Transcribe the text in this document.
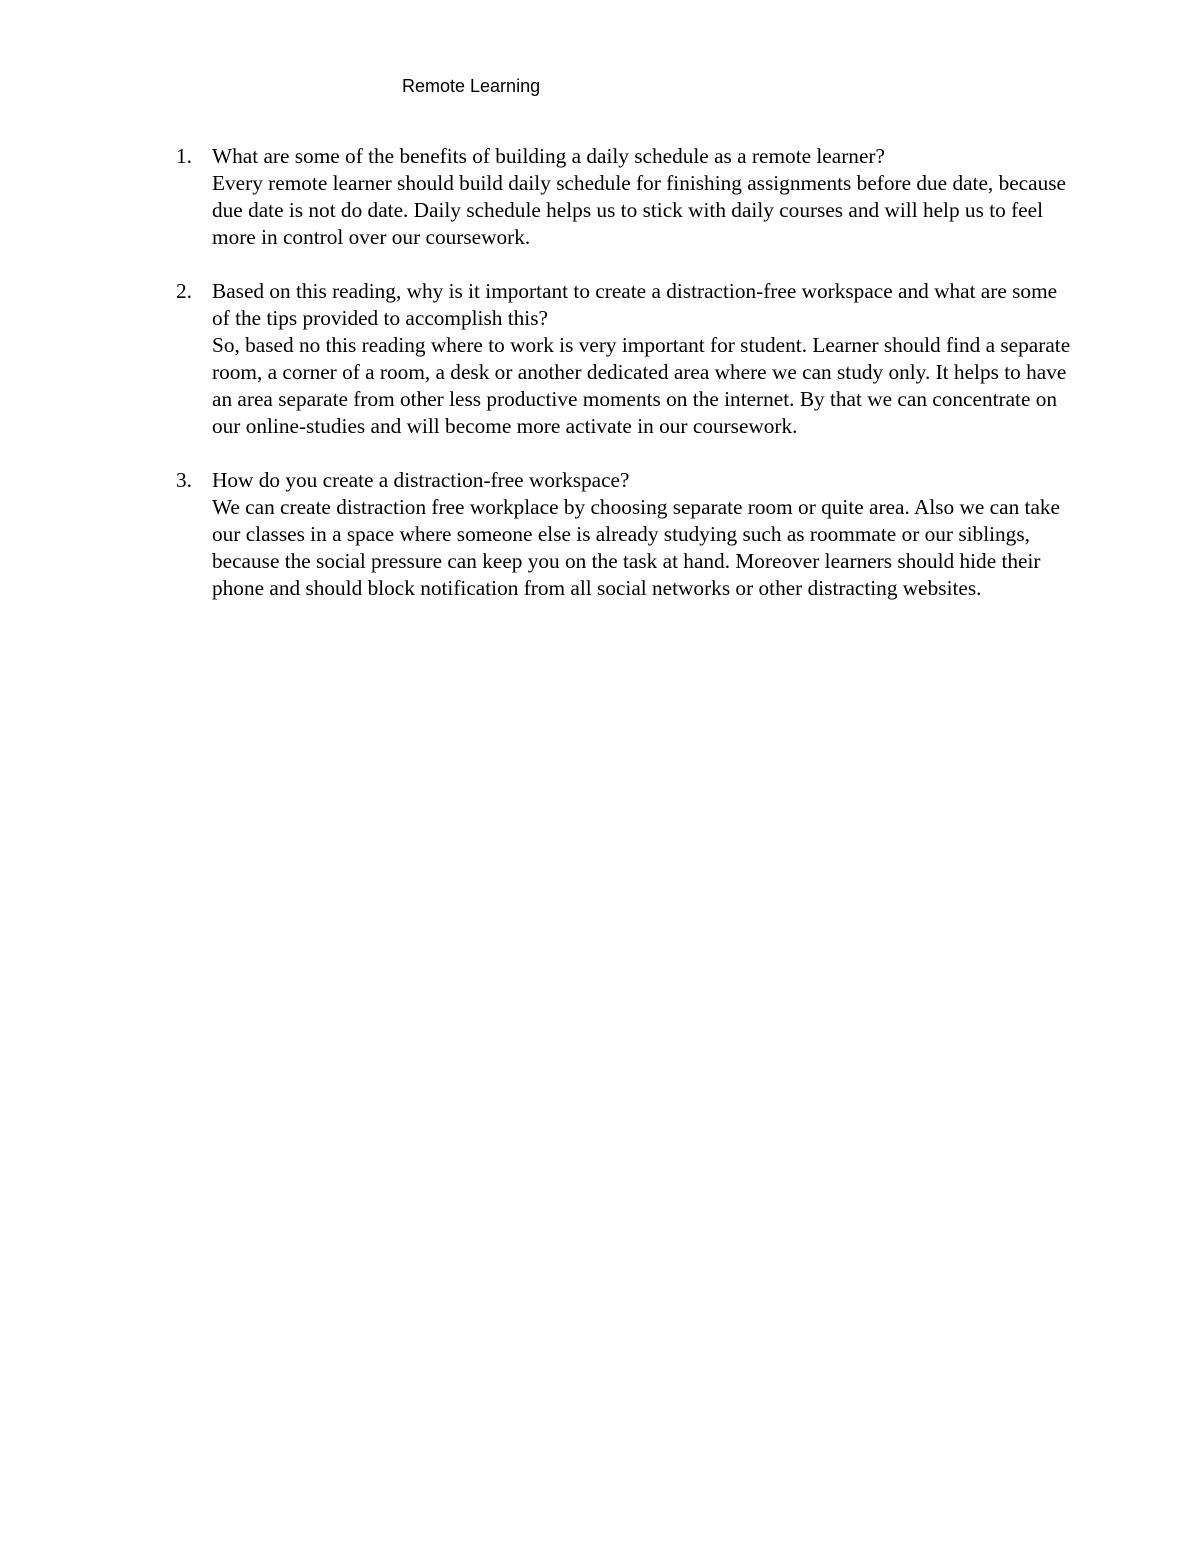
Remote Learning
1. What are some of the benefits of building a daily schedule as a remote learner?
Every remote learner should build daily schedule for finishing assignments before due date, because due date is not do date. Daily schedule helps us to stick with daily courses and will help us to feel more in control over our coursework.
2. Based on this reading, why is it important to create a distraction-free workspace and what are some of the tips provided to accomplish this?
So, based no this reading where to work is very important for student. Learner should find a separate room, a corner of a room, a desk or another dedicated area where we can study only. It helps to have an area separate from other less productive moments on the internet. By that we can concentrate on our online-studies and will become more activate in our coursework.
3. How do you create a distraction-free workspace?
We can create distraction free workplace by choosing separate room or quite area. Also we can take our classes in a space where someone else is already studying such as roommate or our siblings, because the social pressure can keep you on the task at hand. Moreover learners should hide their phone and should block notification from all social networks or other distracting websites.
